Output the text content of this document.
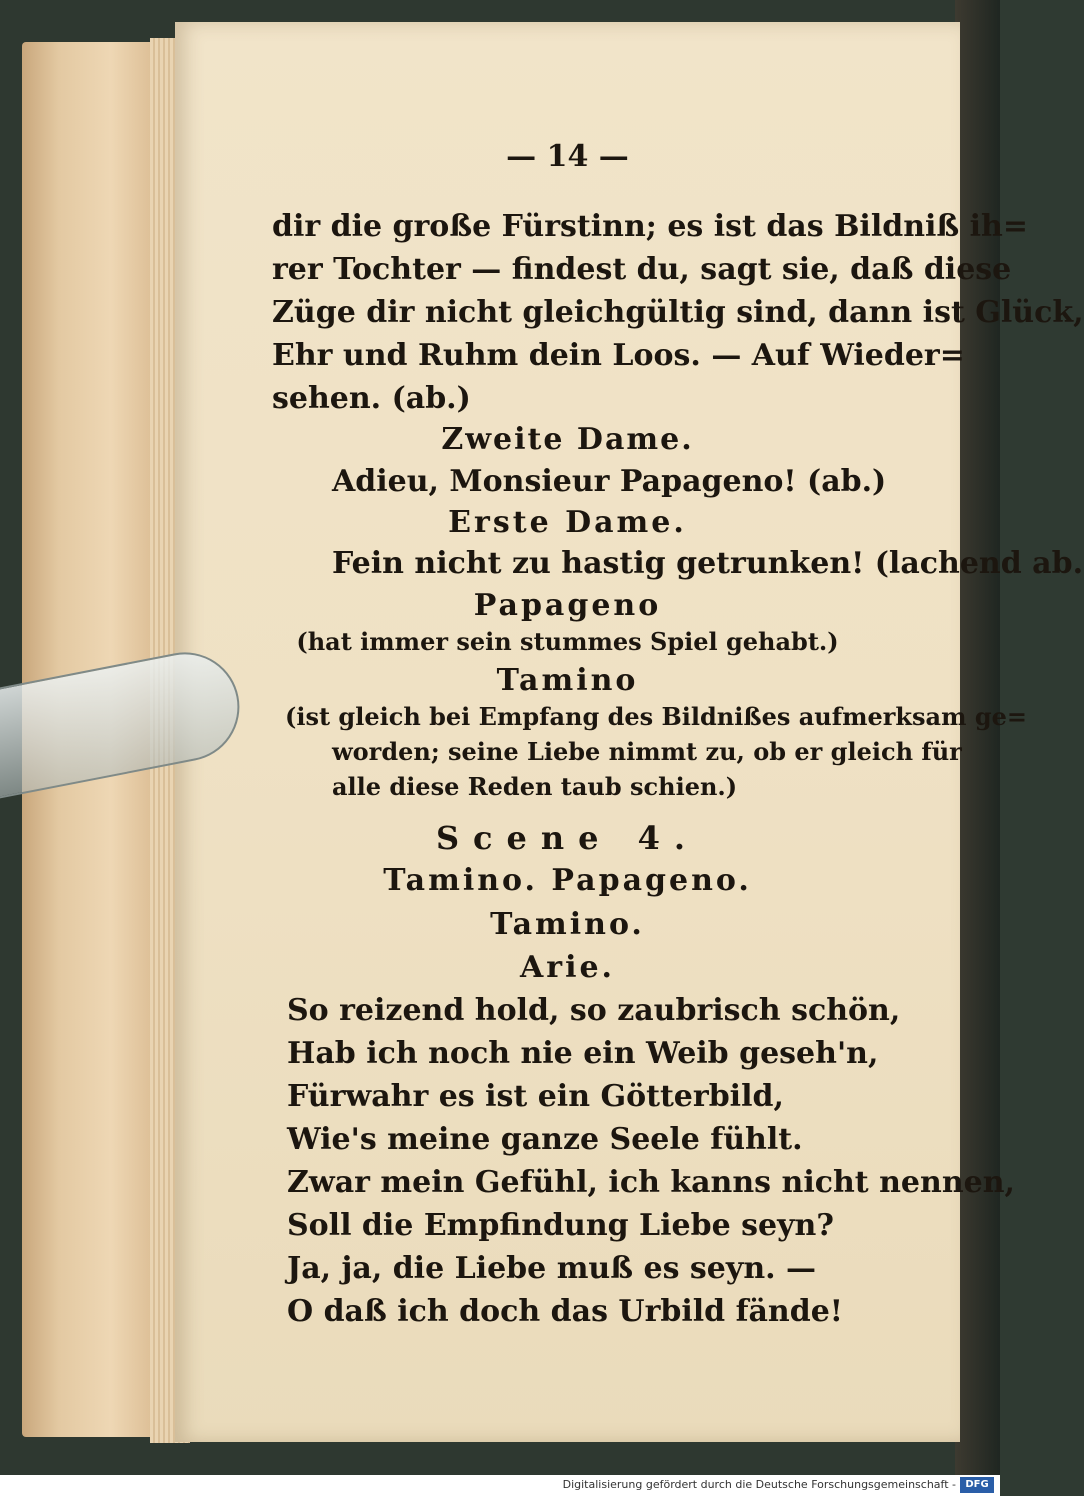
— 14 —
dir die große Fürstinn; es ist das Bildniß ih=
rer Tochter — findest du, sagt sie, daß diese
Züge dir nicht gleichgültig sind, dann ist Glück,
Ehr und Ruhm dein Loos. — Auf Wieder=
sehen. (ab.)
Zweite Dame.
Adieu, Monsieur Papageno! (ab.)
Erste Dame.
Fein nicht zu hastig getrunken! (lachend ab.
Papageno
(hat immer sein stummes Spiel gehabt.)
Tamino
(ist gleich bei Empfang des Bildnißes aufmerksam ge=
worden; seine Liebe nimmt zu, ob er gleich für
alle diese Reden taub schien.)
Scene 4.
Tamino. Papageno.
Tamino.
Arie.
So reizend hold, so zaubrisch schön,
Hab ich noch nie ein Weib geseh'n,
Fürwahr es ist ein Götterbild,
Wie's meine ganze Seele fühlt.
Zwar mein Gefühl, ich kanns nicht nennen,
Soll die Empfindung Liebe seyn?
Ja, ja, die Liebe muß es seyn. —
O daß ich doch das Urbild fände!
Digitalisierung gefördert durch die Deutsche Forschungsgemeinschaft - DFG
